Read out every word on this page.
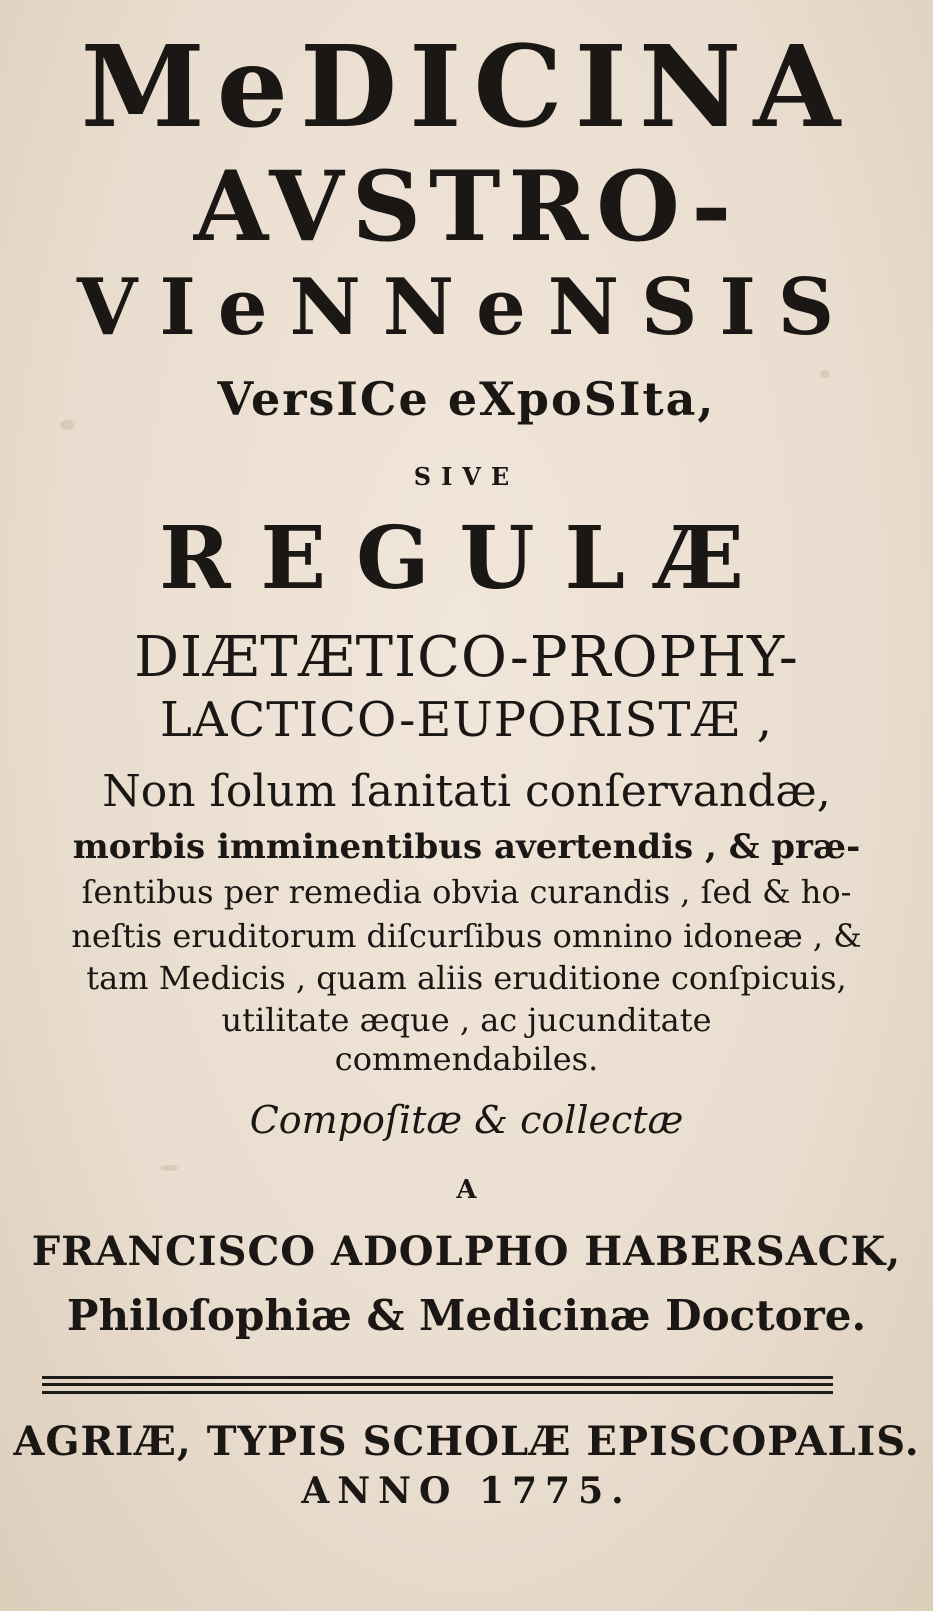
MeDICINA
AVSTRO-
VIeNNeNSIS
VersICe eXpoSIta,
SIVE
REGULÆ
DIÆTÆTICO-PROPHY-
LACTICO-EUPORISTÆ ,
Non ſolum ſanitati conſervandæ,
morbis imminentibus avertendis , & præ-
ſentibus per remedia obvia curandis , ſed & ho-
neſtis eruditorum diſcurſibus omnino idoneæ , &
tam Medicis , quam aliis eruditione conſpicuis,
utilitate æque , ac jucunditate
commendabiles.
Compoſitæ & collectæ
A
FRANCISCO ADOLPHO HABERSACK,
Philoſophiæ & Medicinæ Doctore.
AGRIÆ, TYPIS SCHOLÆ EPISCOPALIS.
ANNO 1775.
